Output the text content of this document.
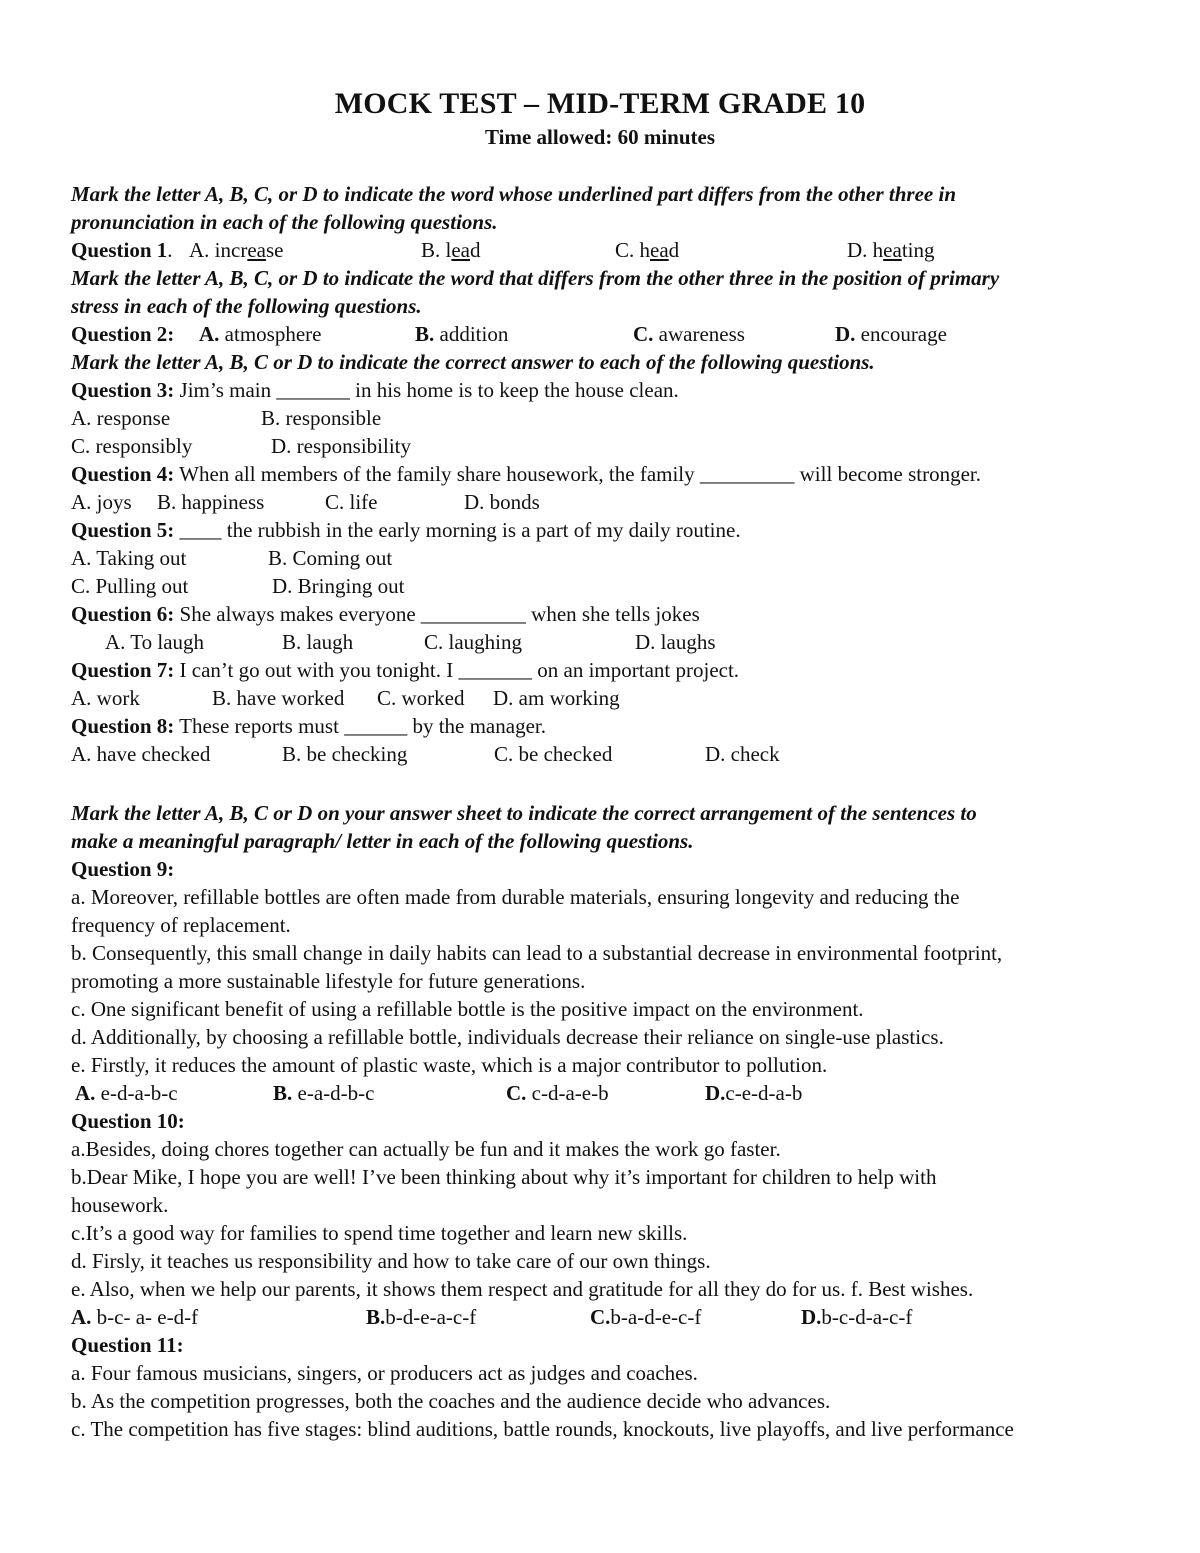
MOCK TEST – MID-TERM GRADE 10
Time allowed: 60 minutes
Mark the letter A, B, C, or D to indicate the word whose underlined part differs from the other three in
pronunciation in each of the following questions.
Question 1. A. increase	B. lead	C. head	D. heating
Mark the letter A, B, C, or D to indicate the word that differs from the other three in the position of primary
stress in each of the following questions.
Question 2: A. atmosphere	B. addition	C. awareness	D. encourage
Mark the letter A, B, C or D to indicate the correct answer to each of the following questions.
Question 3: Jim’s main _______ in his home is to keep the house clean.
A. response	B. responsible
C. responsibly	D. responsibility
Question 4: When all members of the family share housework, the family _________ will become stronger.
A. joys B. happiness	C. life	D. bonds
Question 5: ____ the rubbish in the early morning is a part of my daily routine.
A. Taking out	B. Coming out
C. Pulling out	D. Bringing out
Question 6: She always makes everyone __________ when she tells jokes
A. To laugh	B. laugh	C. laughing	D. laughs
Question 7: I can’t go out with you tonight. I _______ on an important project.
A. work	B. have worked C. worked D. am working
Question 8: These reports must ______ by the manager.
A. have checked	B. be checking	C. be checked	D. check
Mark the letter A, B, C or D on your answer sheet to indicate the correct arrangement of the sentences to
make a meaningful paragraph/ letter in each of the following questions.
Question 9:
a. Moreover, refillable bottles are often made from durable materials, ensuring longevity and reducing the
frequency of replacement.
b. Consequently, this small change in daily habits can lead to a substantial decrease in environmental footprint,
promoting a more sustainable lifestyle for future generations.
c. One significant benefit of using a refillable bottle is the positive impact on the environment.
d. Additionally, by choosing a refillable bottle, individuals decrease their reliance on single-use plastics.
e. Firstly, it reduces the amount of plastic waste, which is a major contributor to pollution.
A. e-d-a-b-c	B. e-a-d-b-c	C. c-d-a-e-b	D.c-e-d-a-b
Question 10:
a.Besides, doing chores together can actually be fun and it makes the work go faster.
b.Dear Mike, I hope you are well! I’ve been thinking about why it’s important for children to help with
housework.
c.It’s a good way for families to spend time together and learn new skills.
d. Firsly, it teaches us responsibility and how to take care of our own things.
e. Also, when we help our parents, it shows them respect and gratitude for all they do for us. f. Best wishes.
A. b-c- a- e-d-f	B.b-d-e-a-c-f	C.b-a-d-e-c-f	D.b-c-d-a-c-f
Question 11:
a. Four famous musicians, singers, or producers act as judges and coaches.
b. As the competition progresses, both the coaches and the audience decide who advances.
c. The competition has five stages: blind auditions, battle rounds, knockouts, live playoffs, and live performance
